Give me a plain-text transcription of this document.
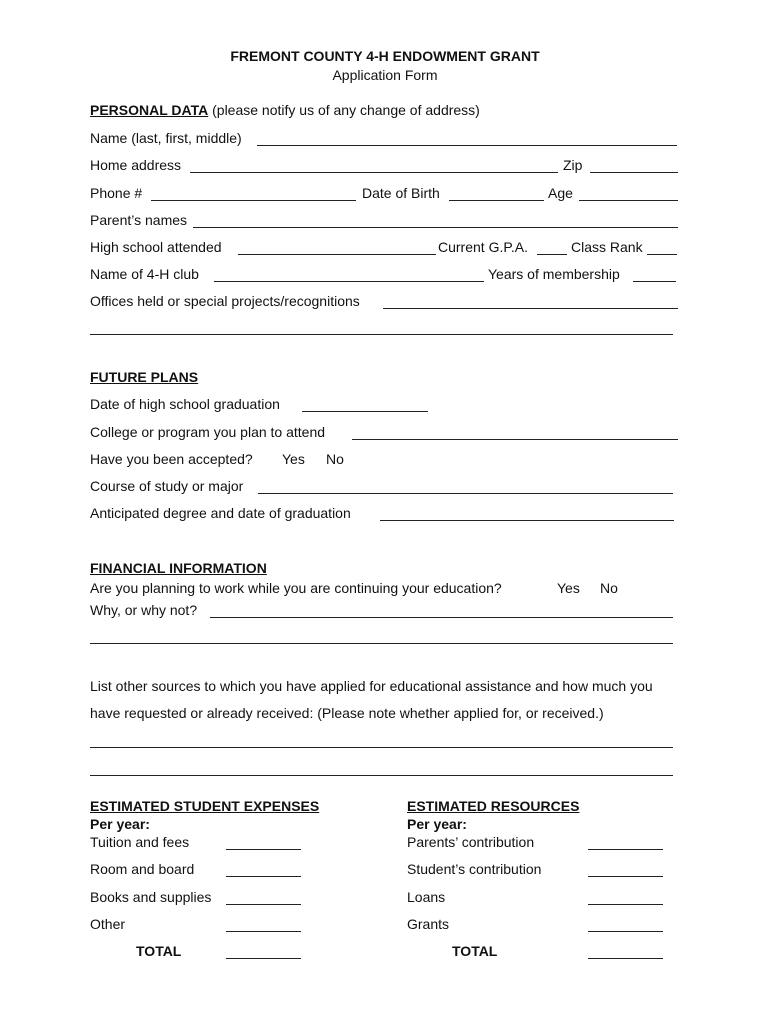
FREMONT COUNTY 4-H ENDOWMENT GRANT
Application Form
PERSONAL DATA (please notify us of any change of address)
Name (last, first, middle)
Home address	Zip
Phone #	Date of Birth	Age
Parent’s names
High school attended	Current G.P.A.	Class Rank
Name of 4-H club	Years of membership
Offices held or special projects/recognitions
FUTURE PLANS
Date of high school graduation
College or program you plan to attend
Have you been accepted? Yes No
Course of study or major
Anticipated degree and date of graduation
FINANCIAL INFORMATION
Are you planning to work while you are continuing your education?	Yes No
Why, or why not?
List other sources to which you have applied for educational assistance and how much you
have requested or already received: (Please note whether applied for, or received.)
ESTIMATED STUDENT EXPENSES
Per year:
Tuition and fees
Room and board
Books and supplies
Other
TOTAL
ESTIMATED RESOURCES
Per year:
Parents’ contribution
Student’s contribution
Loans
Grants
TOTAL
